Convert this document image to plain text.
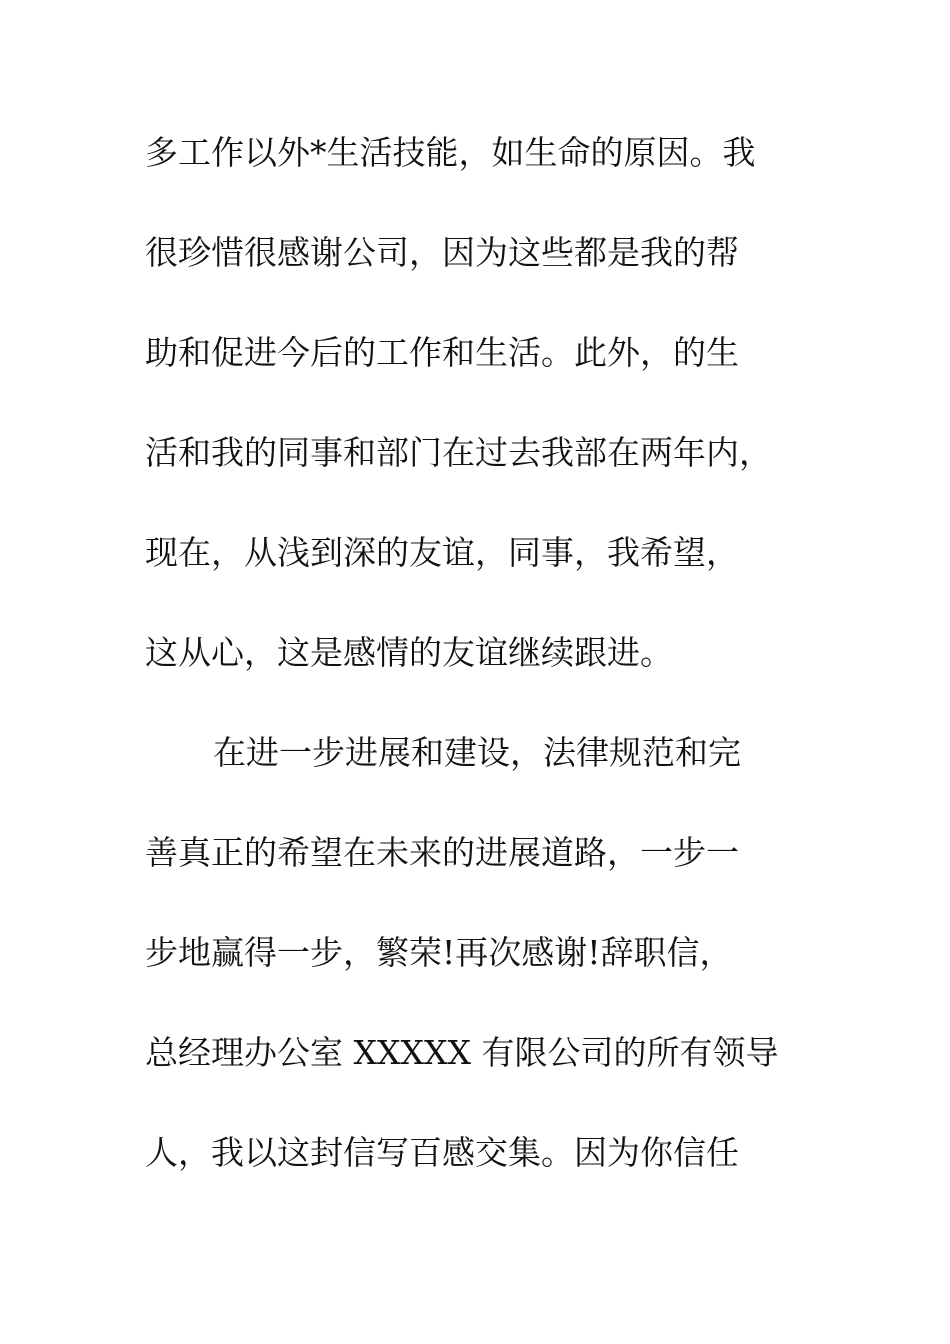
多工作以外*生活技能，如生命的原因。我
很珍惜很感谢公司，因为这些都是我的帮
助和促进今后的工作和生活。此外，的生
活和我的同事和部门在过去我部在两年内，
现在，从浅到深的友谊，同事，我希望，
这从心，这是感情的友谊继续跟进。
在进一步进展和建设，法律规范和完
善真正的希望在未来的进展道路，一步一
步地赢得一步，繁荣!再次感谢!辞职信，
总经理办公室 XXXXX 有限公司的所有领导
人，我以这封信写百感交集。因为你信任
